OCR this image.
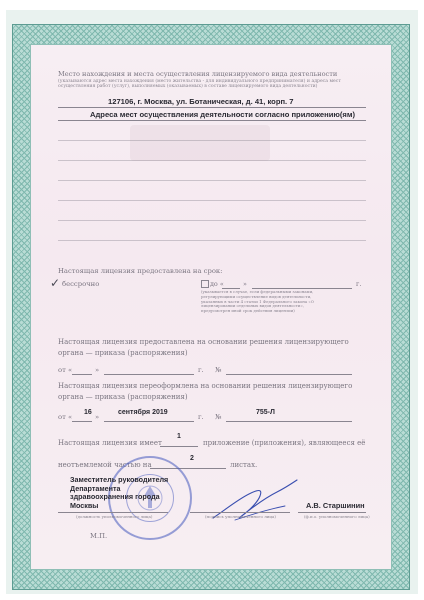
Место нахождения и места осуществления лицензируемого вида деятельности
(указываются адрес места нахождения (место жительства - для индивидуального предпринимателя) и адреса мест осуществления работ (услуг), выполняемых (оказываемых) в составе лицензируемого вида деятельности)
127106, г. Москва, ул. Ботаническая, д. 41, корп. 7
Адреса мест осуществления деятельности согласно приложению(ям)
Настоящая лицензия предоставлена на срок:
✓ бессрочно	до «	»	г.
(указывается в случае, если федеральными законами, регулирующими осуществление видов деятельности, указанных в части 4 статьи 1 Федерального закона «О лицензировании отдельных видов деятельности», предусмотрен иной срок действия лицензии)
Настоящая лицензия предоставлена на основании решения лицензирующего органа — приказа (распоряжения)
от «	»	г. №
Настоящая лицензия переоформлена на основании решения лицензирующего органа — приказа (распоряжения)
от «
16
»
сентября 2019
г. №
755-Л
Настоящая лицензия имеет
1
приложение (приложения), являющееся её
неотъемлемой частью на
2
листах.
Заместитель руководителя
Департамента
здравоохранения города
Москвы
(должность уполномоченного лица)	(подпись уполномоченного лица)
А.В. Старшинин
(ф.и.о. уполномоченного лица)
М.П.
